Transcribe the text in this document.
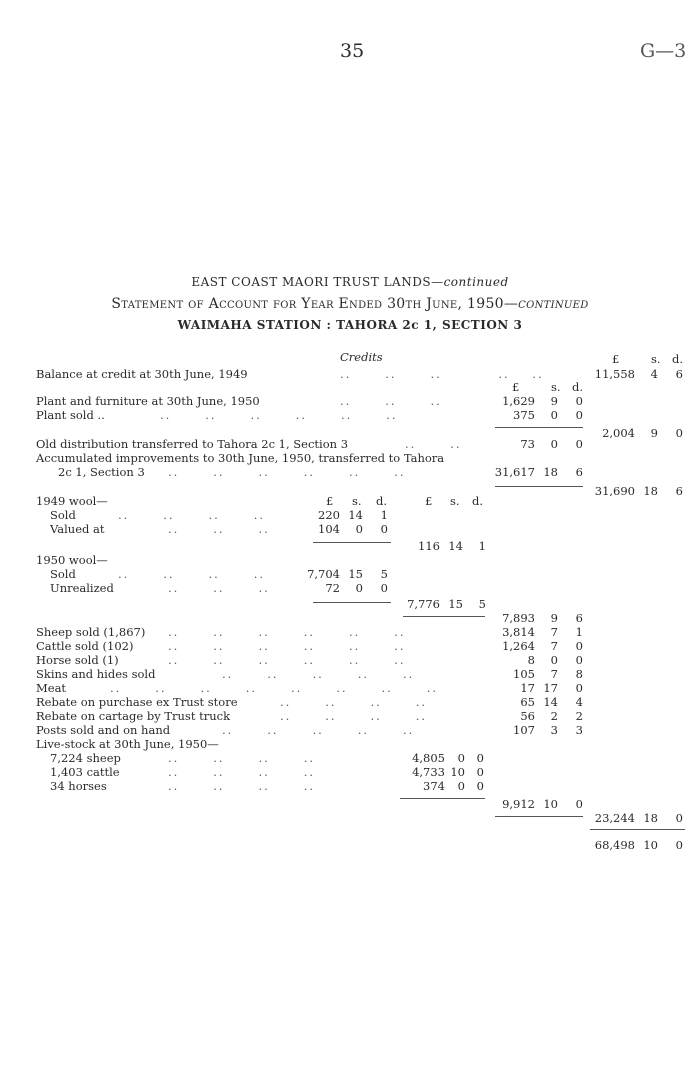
35	G—3
EAST COAST MAORI TRUST LANDS—continued
Statement of Account for Year Ended 30th June, 1950—continued
WAIMAHA STATION : TAHORA 2c 1, SECTION 3
Credits	£	s. d.
£	s. d.
Balance at credit at 30th June, 1949	..      ..      ..          ..    ..	11,558	4	6
Plant and furniture at 30th June, 1950	..      ..      ..	1,629	9	0
Plant sold ..	..      ..      ..      ..      ..      ..	375	0	0
2,004	9	0
Old distribution transferred to Tahora 2c 1, Section 3	..      ..	73	0	0
Accumulated improvements to 30th June, 1950, transferred to Tahora
2c 1, Section 3 ..      ..      ..      ..      ..      ..	31,617 18	6
31,690 18	6
1949 wool—	£ s. d.	£ s. d.
Sold	..      ..      ..      ..	220 14	1
Valued at	..      ..      ..	104	0	0
116 14	1
1950 wool—
Sold	..      ..      ..      ..	7,704 15	5
Unrealized	..      ..      ..	72	0	0
7,776 15	5
7,893	9	6
Sheep sold (1,867) ..      ..      ..      ..      ..      ..	3,814	7	1
Cattle sold (102)	..      ..      ..      ..      ..      ..	1,264	7	0
Horse sold (1)	..      ..      ..      ..      ..      ..	8	0	0
Skins and hides sold	..      ..      ..      ..      ..	105	7	8
Meat	..      ..      ..      ..      ..      ..      ..      ..	17 17	0
Rebate on purchase ex Trust store	..      ..      ..      ..	65 14	4
Rebate on cartage by Trust truck	..      ..      ..      ..	56	2	2
Posts sold and on hand	..      ..      ..      ..      ..	107	3	3
Live-stock at 30th June, 1950—
7,224 sheep	..      ..      ..      ..	4,805	0	0
1,403 cattle	..      ..      ..      ..	4,733 10	0
34 horses	..      ..      ..      ..	374	0	0
9,912 10	0
23,244 18	0
68,498 10	0
